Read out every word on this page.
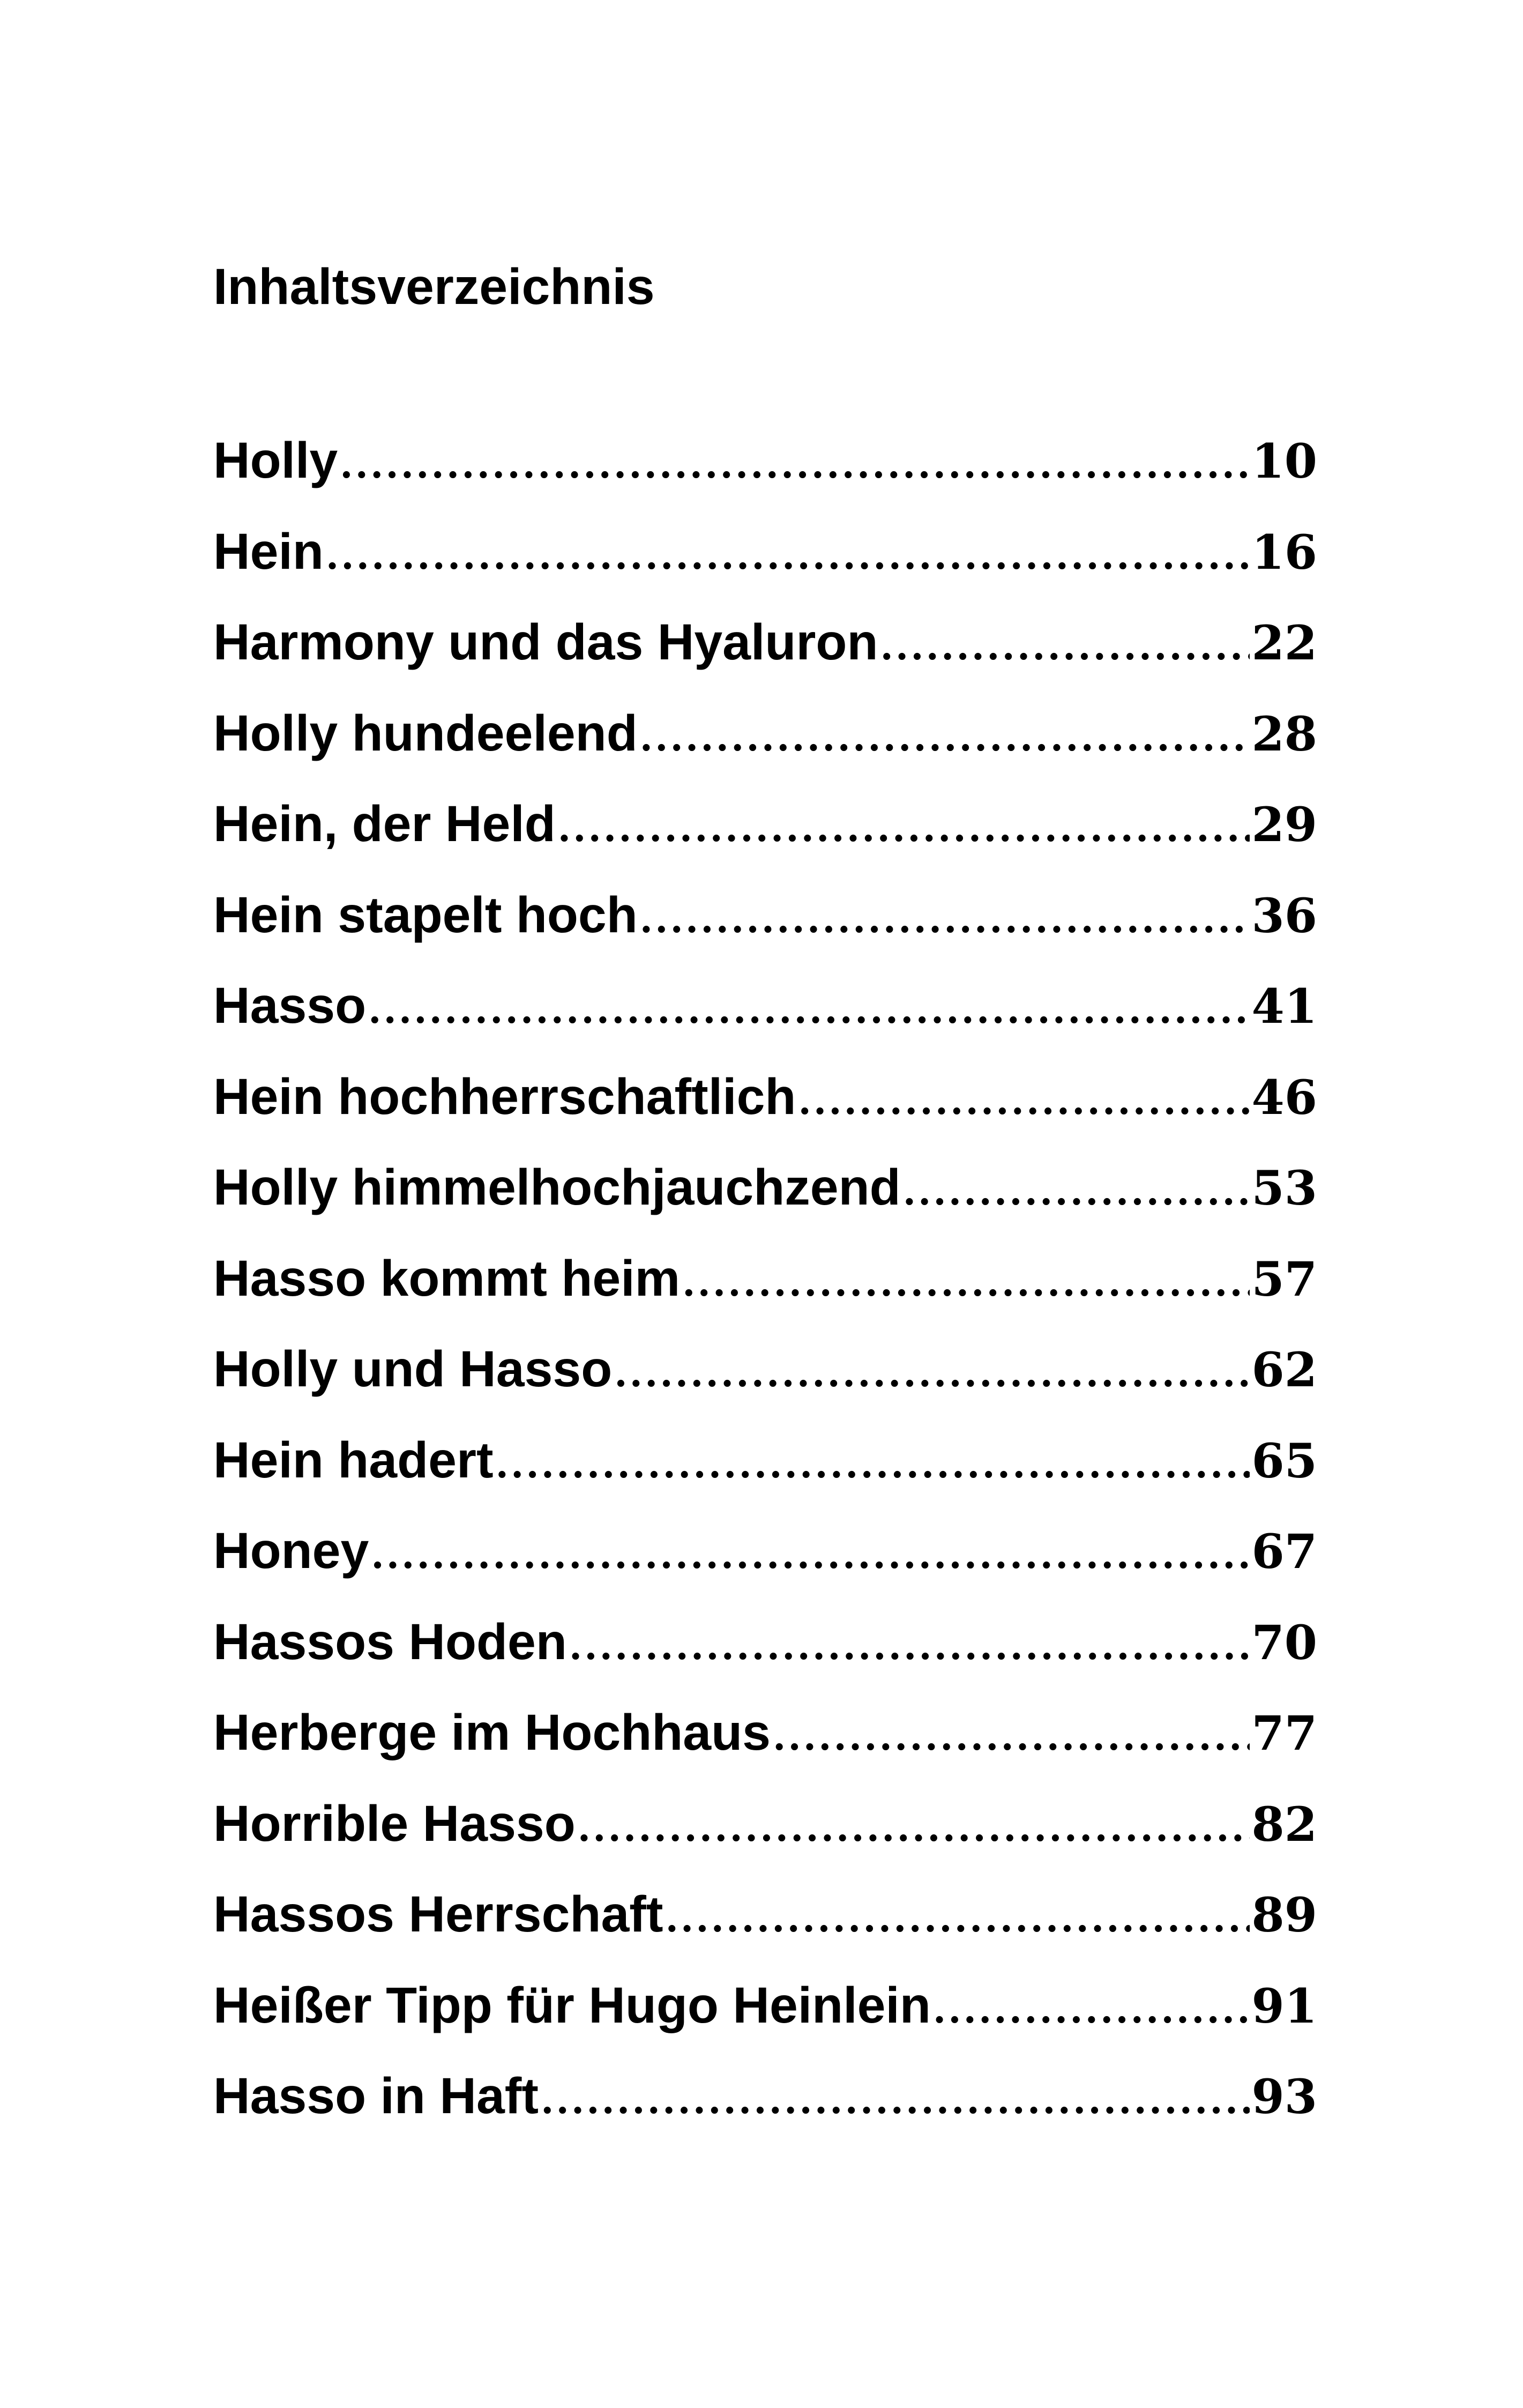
Inhaltsverzeichnis
Holly .....	10
Hein .....	16
Harmony und das Hyaluron .....	22
Holly hundeelend .....	28
Hein, der Held .....	29
Hein stapelt hoch .....	36
Hasso .....	41
Hein hochherrschaftlich .....	46
Holly himmelhochjauchzend .....	53
Hasso kommt heim .....	57
Holly und Hasso .....	62
Hein hadert .....	65
Honey .....	67
Hassos Hoden .....	70
Herberge im Hochhaus .....	77
Horrible Hasso .....	82
Hassos Herrschaft .....	89
Heißer Tipp für Hugo Heinlein .....	91
Hasso in Haft .....	93
